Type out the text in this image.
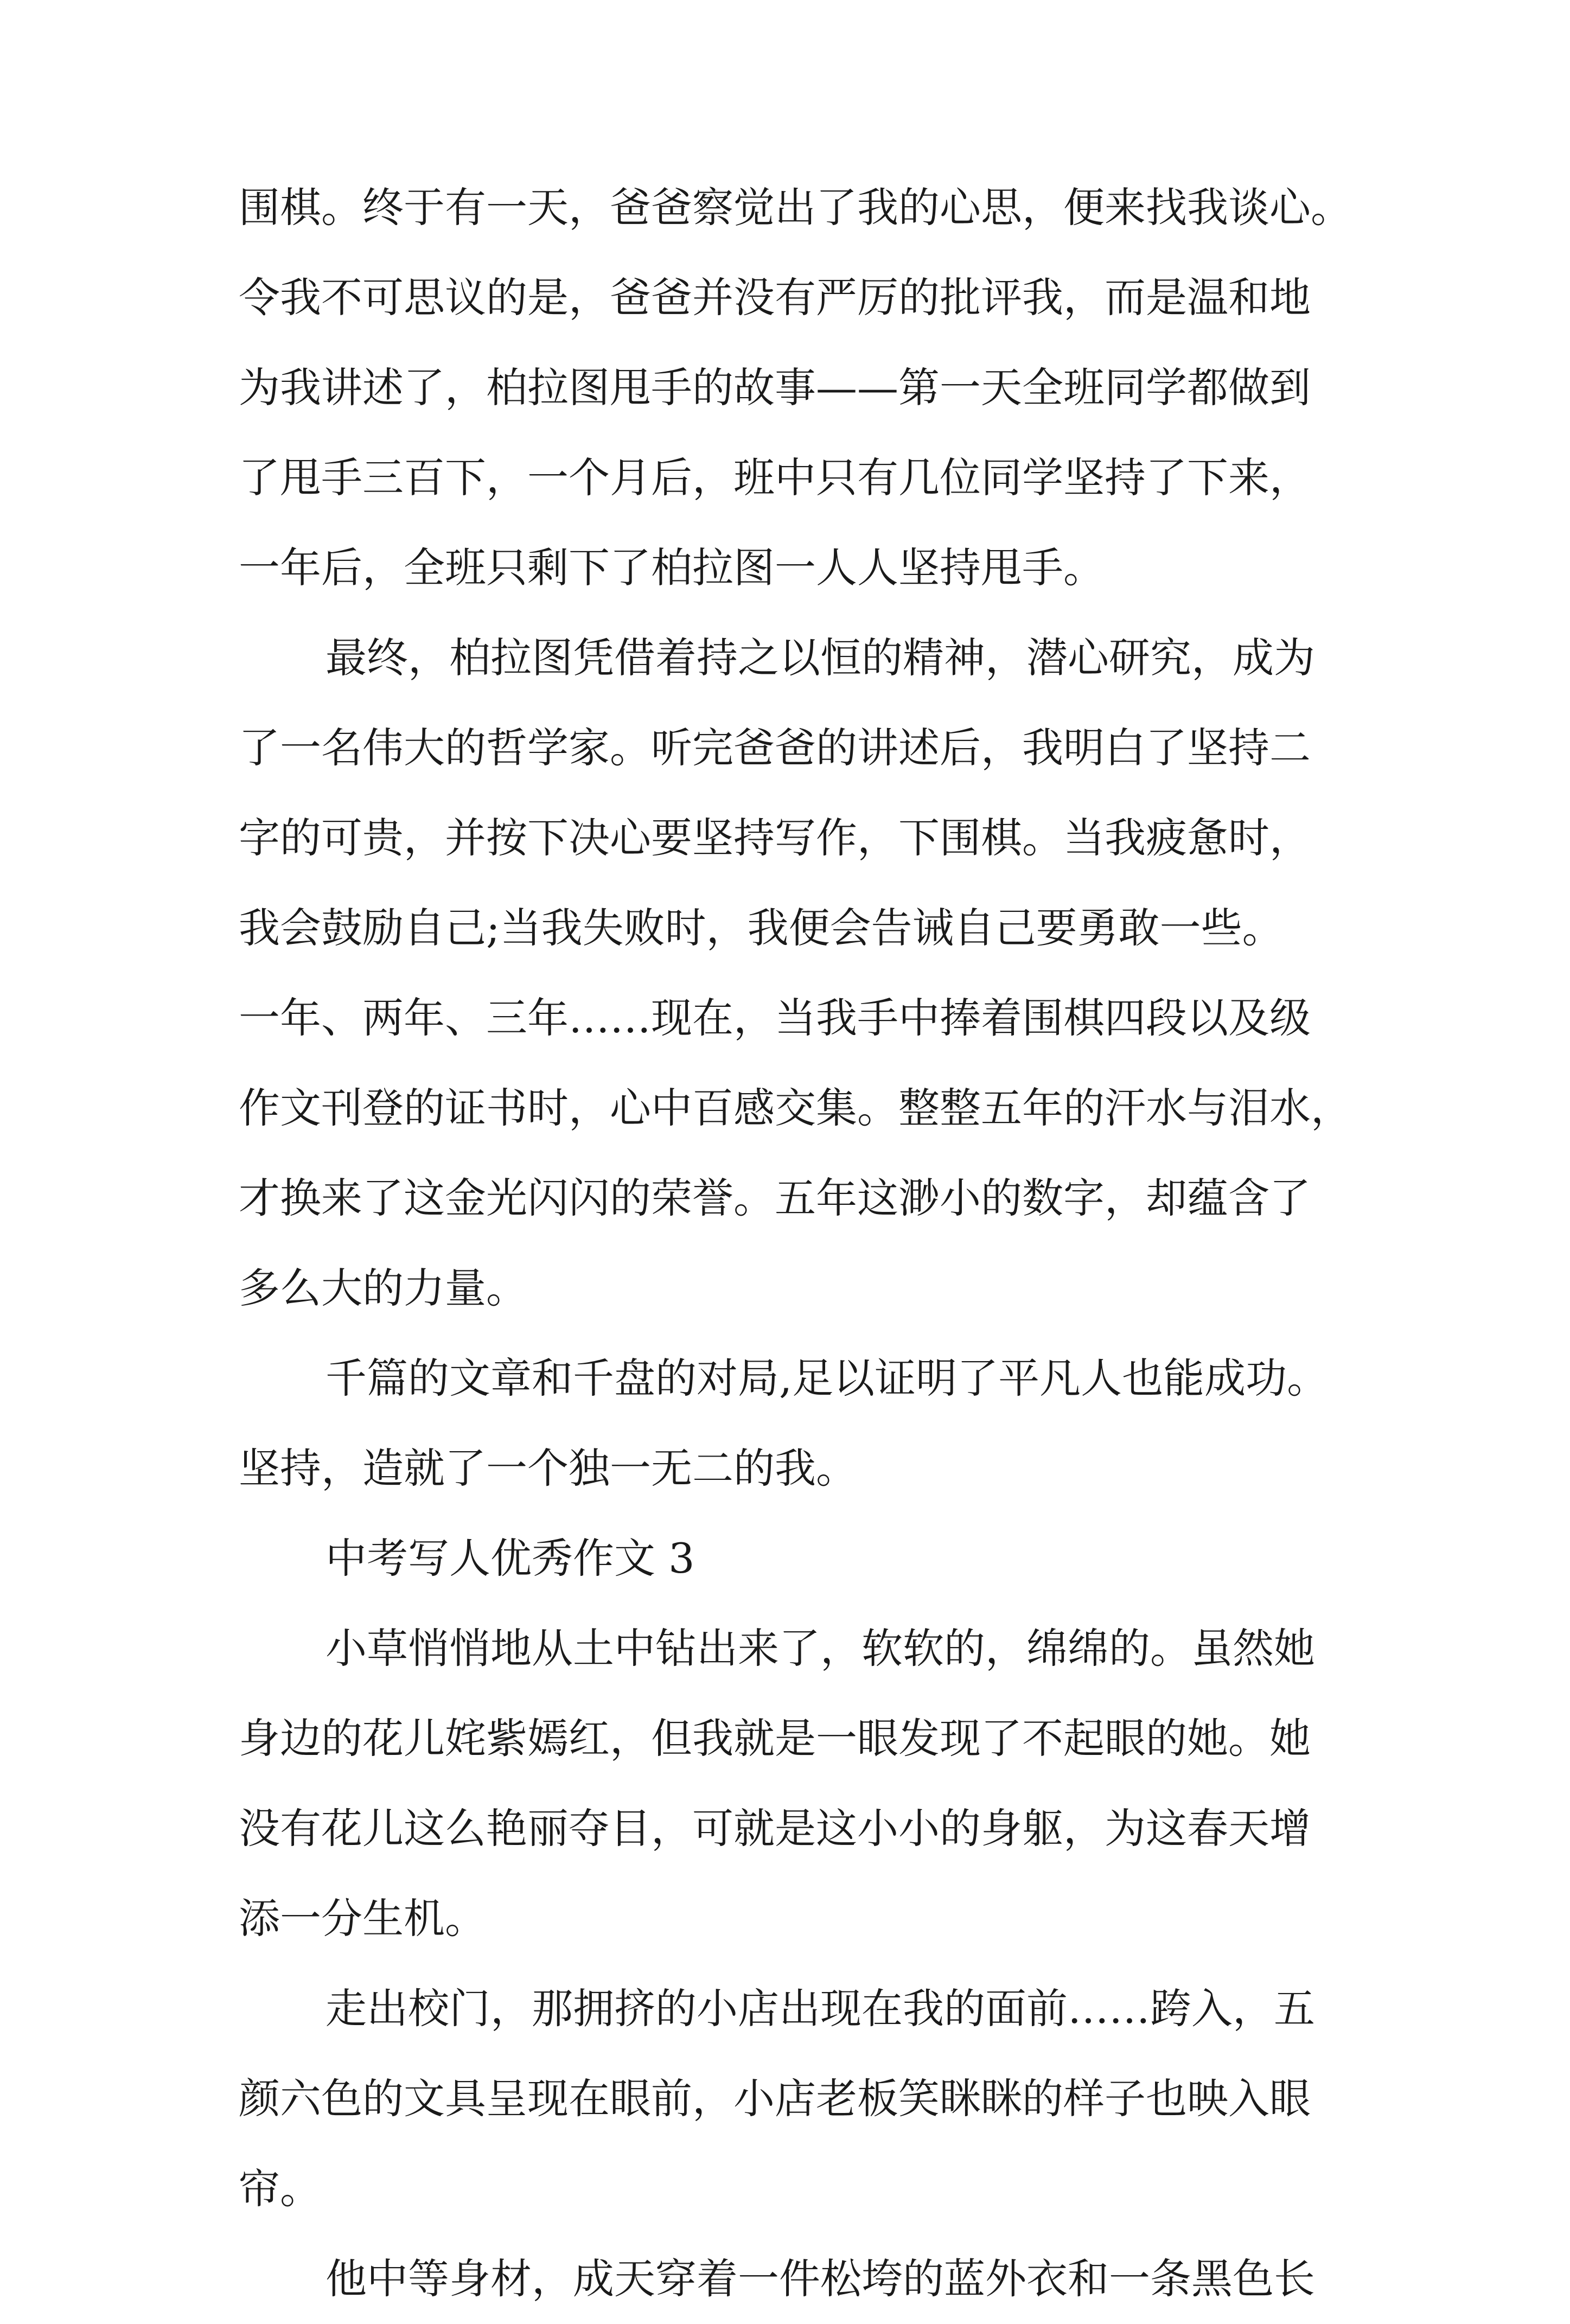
围棋。终于有一天，爸爸察觉出了我的心思，便来找我谈心。
令我不可思议的是，爸爸并没有严厉的批评我，而是温和地
为我讲述了，柏拉图甩手的故事——第一天全班同学都做到
了甩手三百下，一个月后，班中只有几位同学坚持了下来，
一年后，全班只剩下了柏拉图一人人坚持甩手。
最终，柏拉图凭借着持之以恒的精神，潜心研究，成为
了一名伟大的哲学家。听完爸爸的讲述后，我明白了坚持二
字的可贵，并按下决心要坚持写作，下围棋。当我疲惫时，
我会鼓励自己;当我失败时，我便会告诫自己要勇敢一些。
一年、两年、三年……现在，当我手中捧着围棋四段以及级
作文刊登的证书时，心中百感交集。整整五年的汗水与泪水，
才换来了这金光闪闪的荣誉。五年这渺小的数字，却蕴含了
多么大的力量。
千篇的文章和千盘的对局,足以证明了平凡人也能成功。
坚持，造就了一个独一无二的我。
中考写人优秀作文 3
小草悄悄地从土中钻出来了，软软的，绵绵的。虽然她
身边的花儿姹紫嫣红，但我就是一眼发现了不起眼的她。她
没有花儿这么艳丽夺目，可就是这小小的身躯，为这春天增
添一分生机。
走出校门，那拥挤的小店出现在我的面前……跨入，五
颜六色的文具呈现在眼前，小店老板笑眯眯的样子也映入眼
帘。
他中等身材，成天穿着一件松垮的蓝外衣和一条黑色长
